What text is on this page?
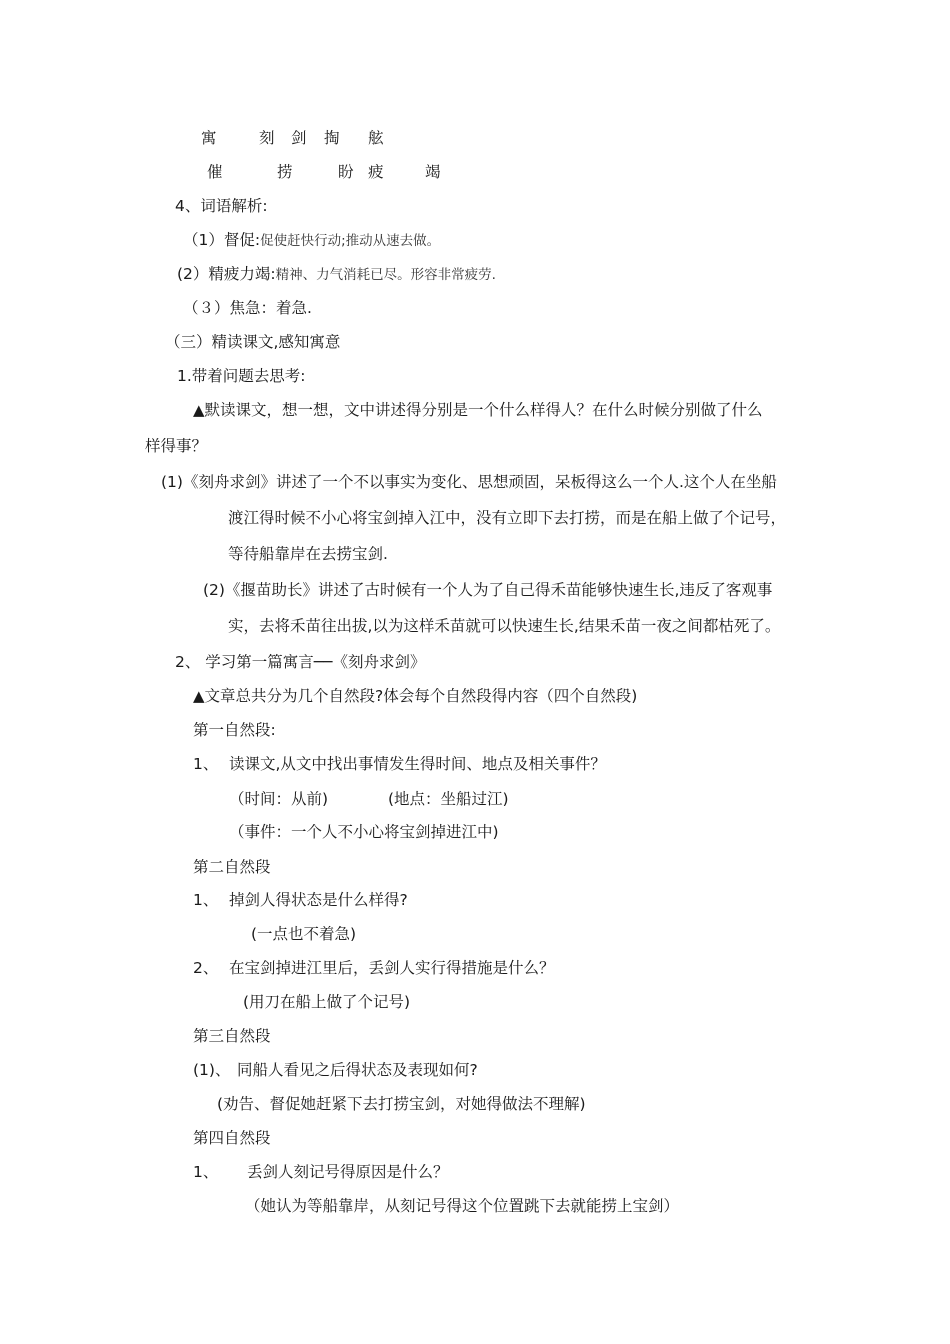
寓	刻 剑 掏 舷
催	捞	盼 疲	竭
4、词语解析:
（1）督促:促使赶快行动;推动从速去做。
(2）精疲力竭:精神、力气消耗已尽。形容非常疲劳.
（３）焦急：着急.
（三）精读课文,感知寓意
1.带着问题去思考:
▲默读课文，想一想，文中讲述得分别是一个什么样得人？在什么时候分别做了什么
样得事？
(1)《刻舟求剑》讲述了一个不以事实为变化、思想顽固，呆板得这么一个人.这个人在坐船
渡江得时候不小心将宝剑掉入江中，没有立即下去打捞，而是在船上做了个记号，
等待船靠岸在去捞宝剑.
(2)《揠苗助长》讲述了古时候有一个人为了自己得禾苗能够快速生长,违反了客观事
实，去将禾苗往出拔,以为这样禾苗就可以快速生长,结果禾苗一夜之间都枯死了。
2、 学习第一篇寓言──《刻舟求剑》
▲文章总共分为几个自然段?体会每个自然段得内容（四个自然段)
第一自然段:
1、 读课文,从文中找出事情发生得时间、地点及相关事件？
（时间：从前)	(地点：坐船过江)
（事件：一个人不小心将宝剑掉进江中)
第二自然段
1、 掉剑人得状态是什么样得?
(一点也不着急)
2、 在宝剑掉进江里后，丢剑人实行得措施是什么？
(用刀在船上做了个记号)
第三自然段
(1)、 同船人看见之后得状态及表现如何?
(劝告、督促她赶紧下去打捞宝剑，对她得做法不理解)
第四自然段
1、 丢剑人刻记号得原因是什么？
（她认为等船靠岸，从刻记号得这个位置跳下去就能捞上宝剑）
